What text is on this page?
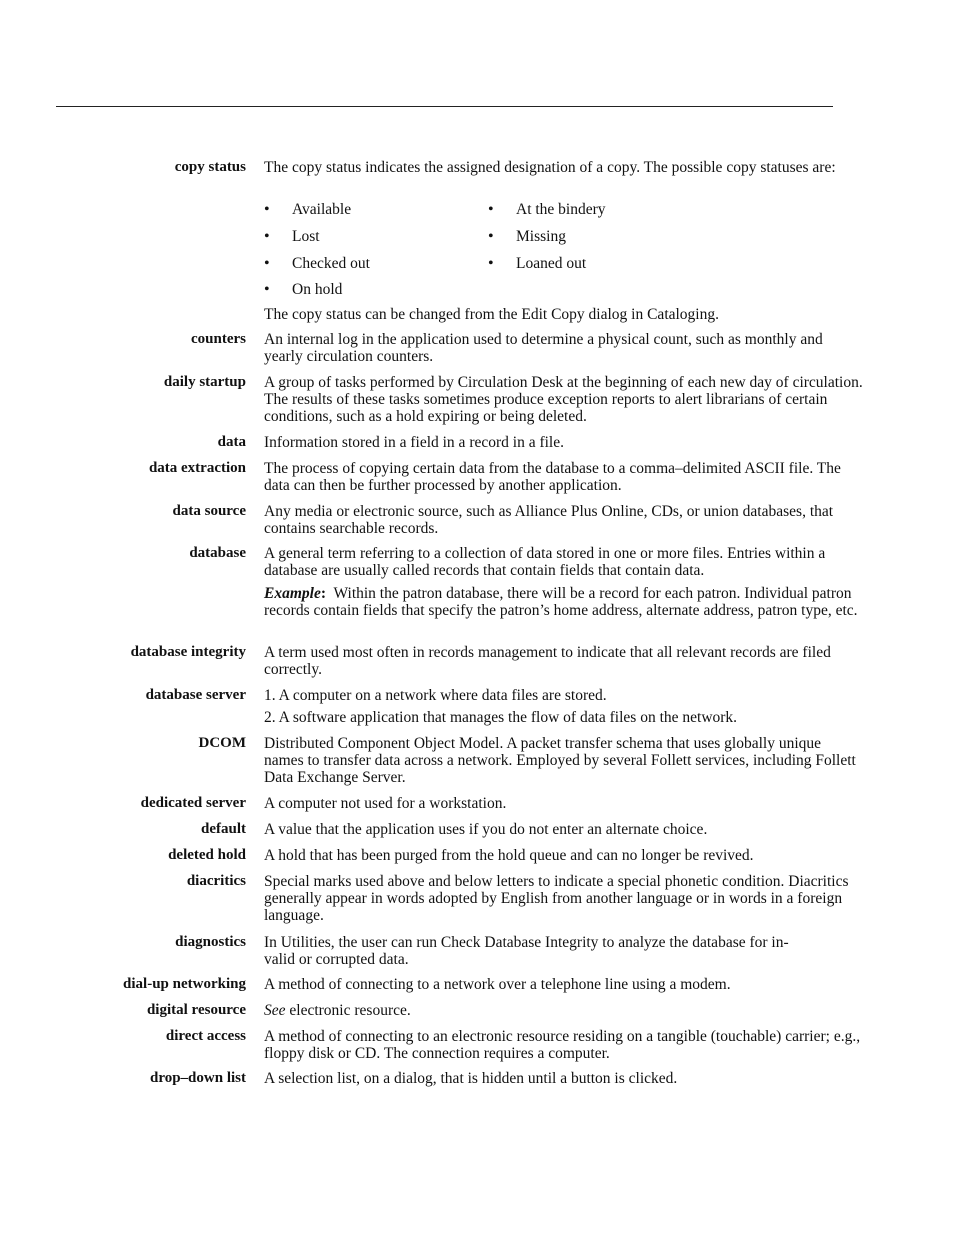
copy status The copy status indicates the assigned designation of a copy. The possible copy statuses are:
• Available
• Lost
• Checked out
• On hold
• At the bindery
• Missing
• Loaned out
The copy status can be changed from the Edit Copy dialog in Cataloging.
counters An internal log in the application used to determine a physical count, such as monthly and yearly circulation counters.
daily startup A group of tasks performed by Circulation Desk at the beginning of each new day of circulation. The results of these tasks sometimes produce exception reports to alert librarians of certain conditions, such as a hold expiring or being deleted.
data Information stored in a field in a record in a file.
data extraction The process of copying certain data from the database to a comma–delimited ASCII file. The data can then be further processed by another application.
data source Any media or electronic source, such as Alliance Plus Online, CDs, or union databases, that contains searchable records.
database A general term referring to a collection of data stored in one or more files. Entries within a database are usually called records that contain fields that contain data.
Example: Within the patron database, there will be a record for each patron. Individual patron records contain fields that specify the patron’s home address, alternate address, patron type, etc.
database integrity A term used most often in records management to indicate that all relevant records are filed correctly.
database server 1. A computer on a network where data files are stored.
2. A software application that manages the flow of data files on the network.
DCOM Distributed Component Object Model. A packet transfer schema that uses globally unique names to transfer data across a network. Employed by several Follett services, including Follett Data Exchange Server.
dedicated server A computer not used for a workstation.
default A value that the application uses if you do not enter an alternate choice.
deleted hold A hold that has been purged from the hold queue and can no longer be revived.
diacritics Special marks used above and below letters to indicate a special phonetic condition. Diacritics generally appear in words adopted by English from another language or in words in a foreign language.
diagnostics In Utilities, the user can run Check Database Integrity to analyze the database for in-
valid or corrupted data.
dial-up networking A method of connecting to a network over a telephone line using a modem.
digital resource See electronic resource.
direct access A method of connecting to an electronic resource residing on a tangible (touchable) carrier; e.g., floppy disk or CD. The connection requires a computer.
drop–down list A selection list, on a dialog, that is hidden until a button is clicked.
